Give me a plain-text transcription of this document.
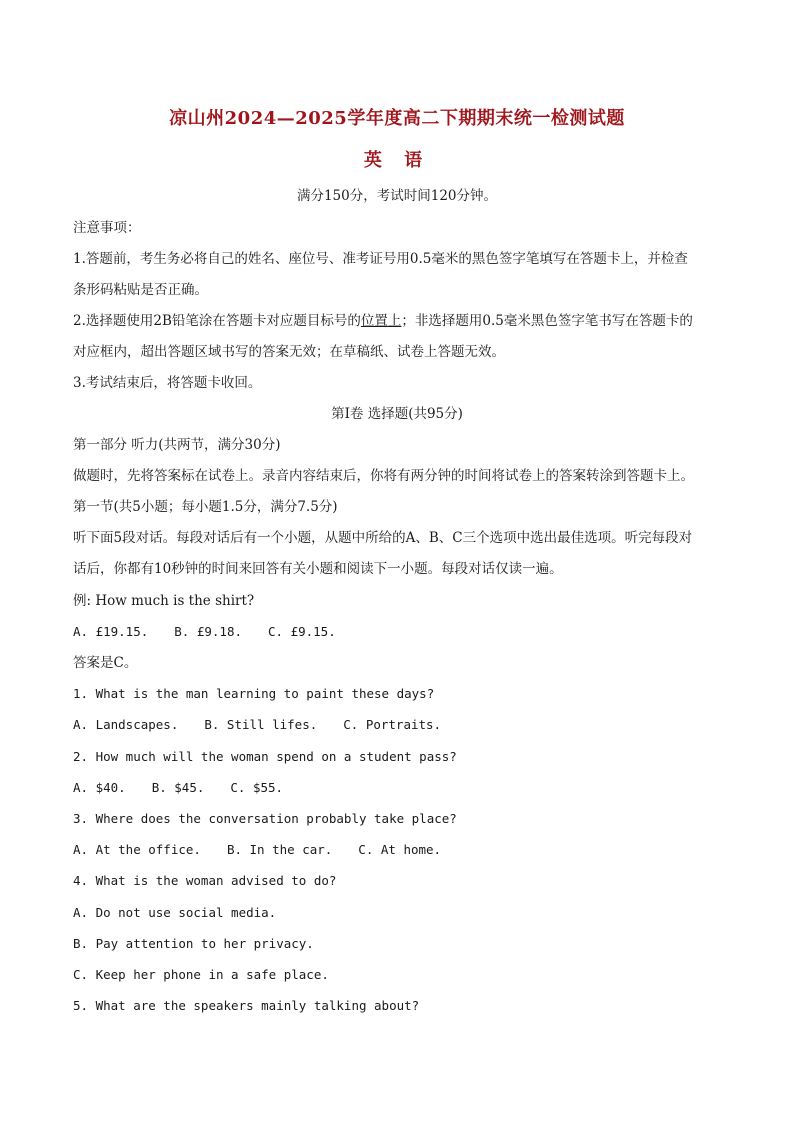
凉山州2024—2025学年度高二下期期末统一检测试题
英 语
满分150分，考试时间120分钟。
注意事项：
1.答题前，考生务必将自己的姓名、座位号、准考证号用0.5毫米的黑色签字笔填写在答题卡上，并检查
条形码粘贴是否正确。
2.选择题使用2B铅笔涂在答题卡对应题目标号的位置上；非选择题用0.5毫米黑色签字笔书写在答题卡的
对应框内，超出答题区域书写的答案无效；在草稿纸、试卷上答题无效。
3.考试结束后，将答题卡收回。
第Ⅰ卷 选择题(共95分)
第一部分 听力(共两节，满分30分)
做题时，先将答案标在试卷上。录音内容结束后，你将有两分钟的时间将试卷上的答案转涂到答题卡上。
第一节(共5小题；每小题1.5分，满分7.5分)
听下面5段对话。每段对话后有一个小题，从题中所给的A、B、C三个选项中选出最佳选项。听完每段对
话后，你都有10秒钟的时间来回答有关小题和阅读下一小题。每段对话仅读一遍。
例: How much is the shirt?
A. £19.15. B. £9.18. C. £9.15.
答案是C。
1. What is the man learning to paint these days?
A. Landscapes. B. Still lifes. C. Portraits.
2. How much will the woman spend on a student pass?
A. $40. B. $45. C. $55.
3. Where does the conversation probably take place?
A. At the office. B. In the car. C. At home.
4. What is the woman advised to do?
A. Do not use social media.
B. Pay attention to her privacy.
C. Keep her phone in a safe place.
5. What are the speakers mainly talking about?
